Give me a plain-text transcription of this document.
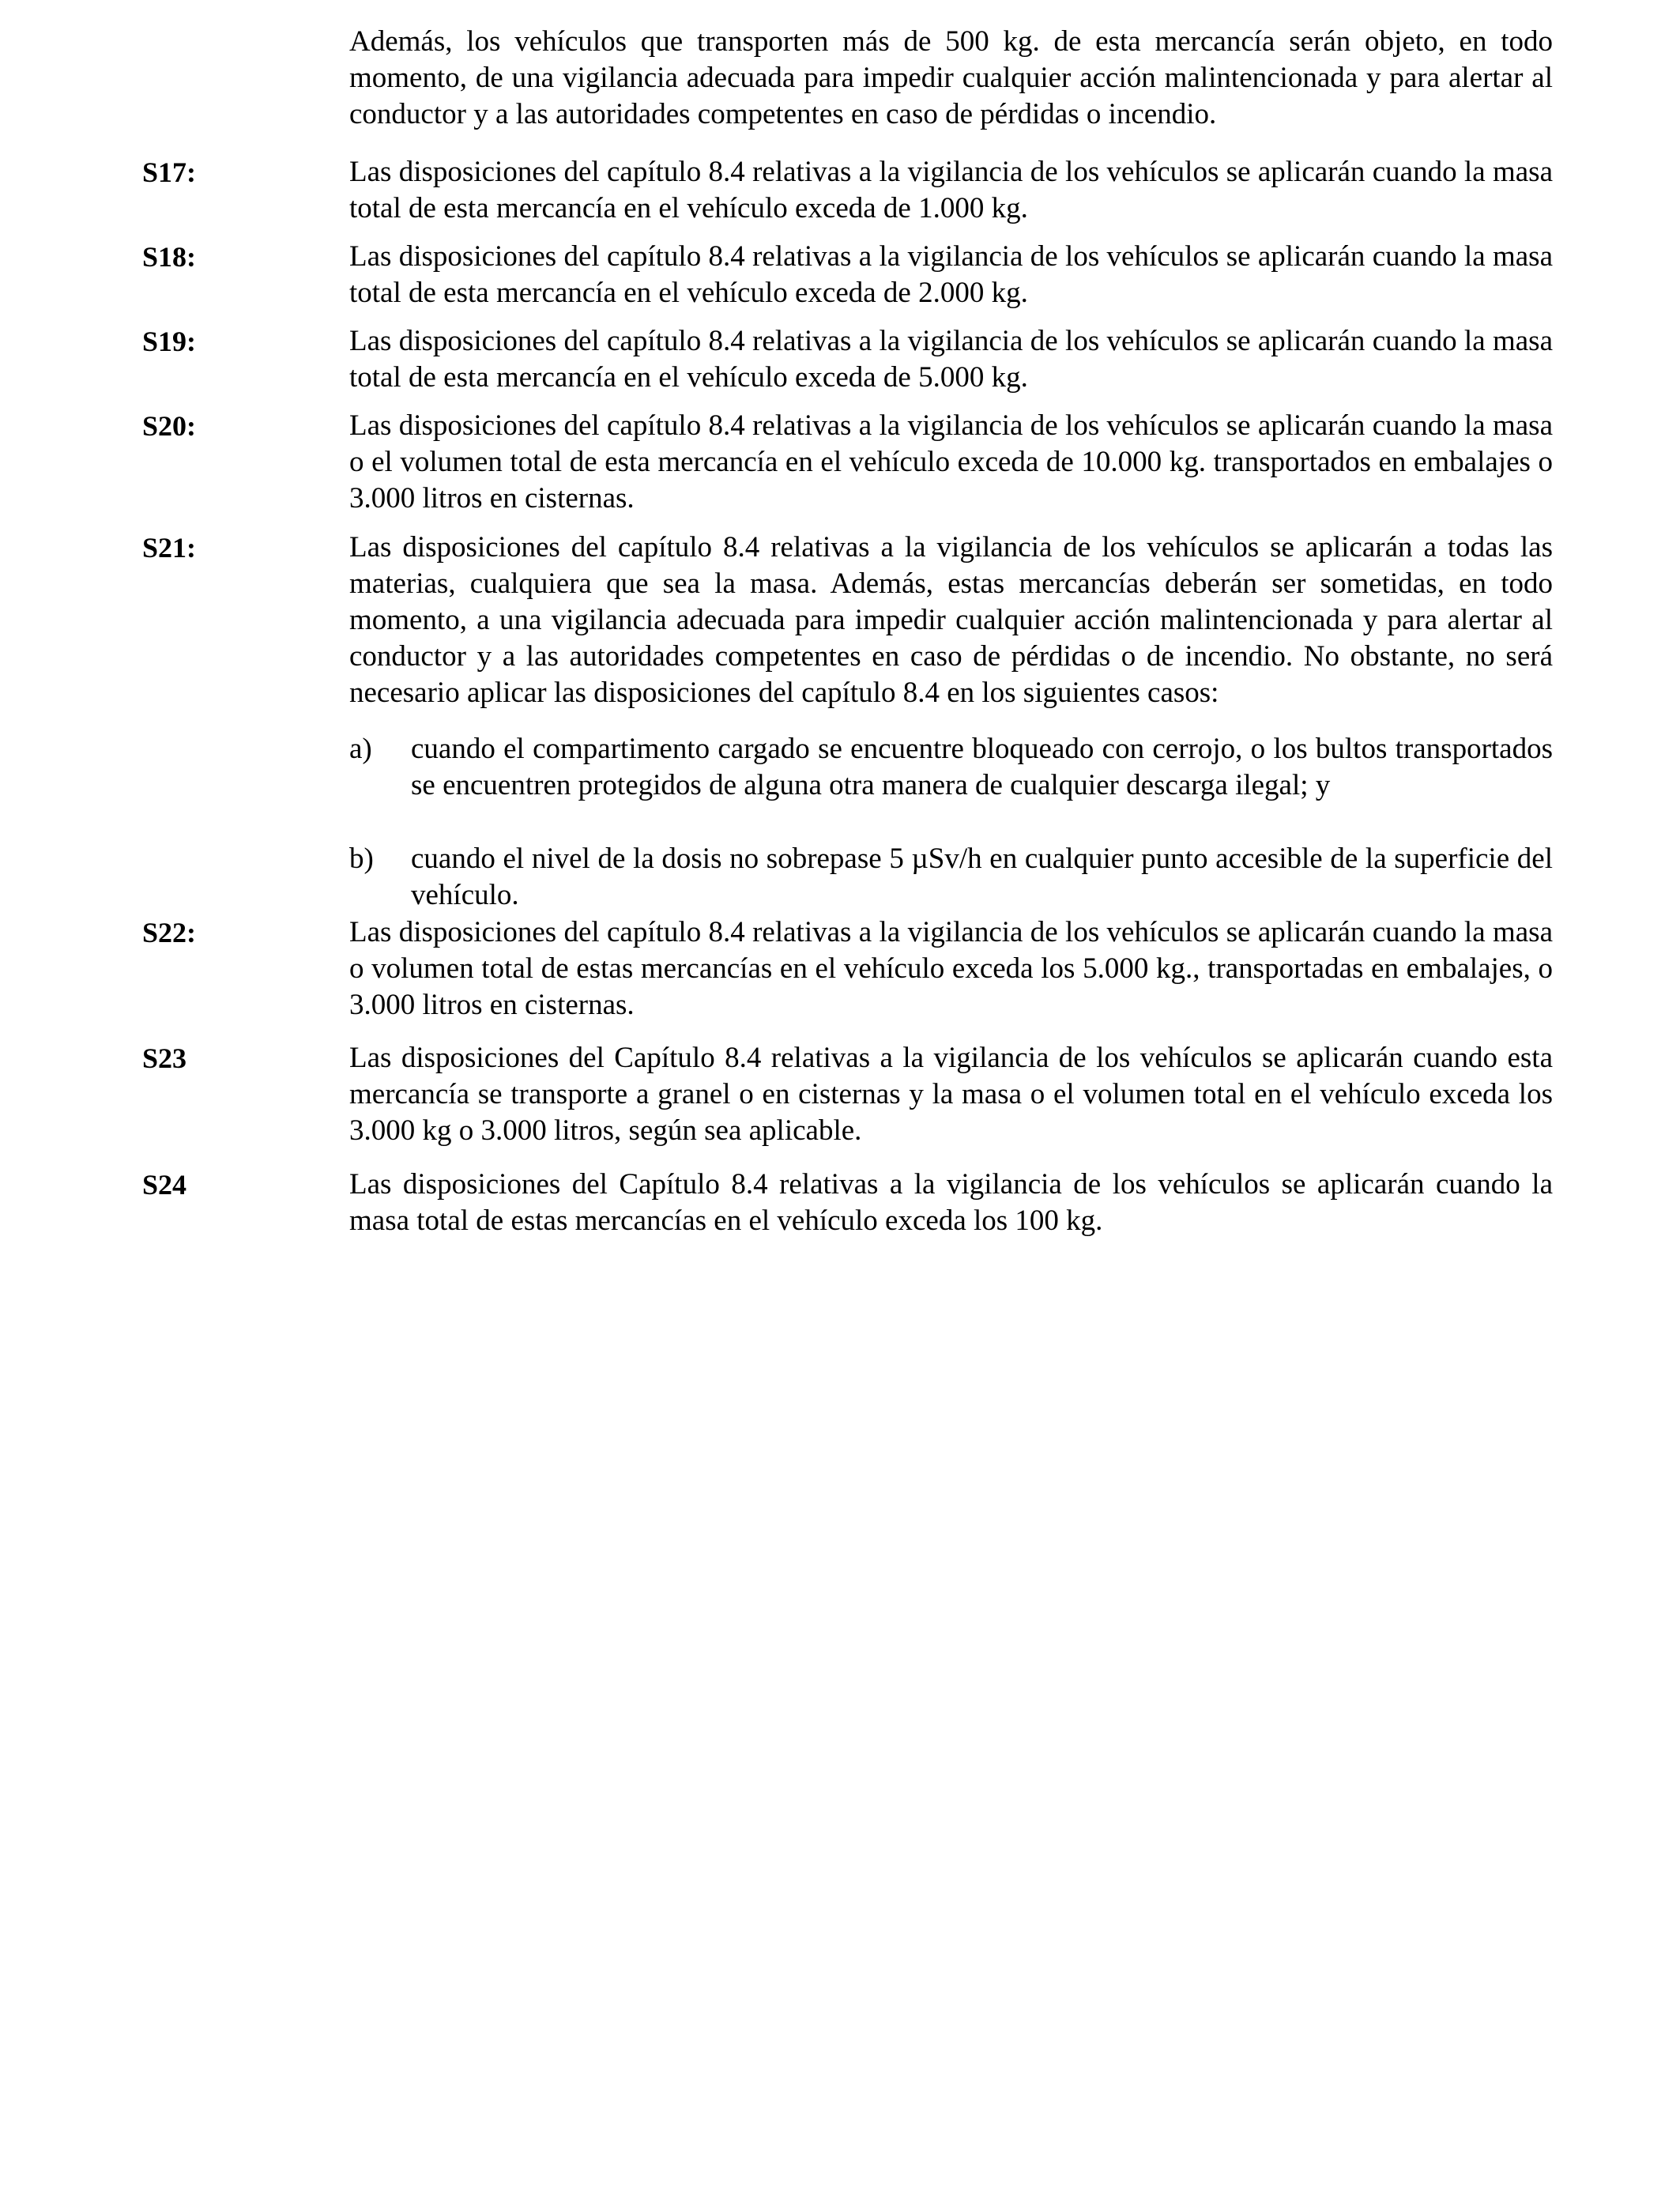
Además, los vehículos que transporten más de 500 kg. de esta mercancía serán objeto, en todo momento, de una vigilancia adecuada para impedir cualquier acción malintencionada y para alertar al conductor y a las autoridades competentes en caso de pérdidas o incendio.
S17:	Las disposiciones del capítulo 8.4 relativas a la vigilancia de los vehículos se aplicarán cuando la masa total de esta mercancía en el vehículo exceda de 1.000 kg.
S18:	Las disposiciones del capítulo 8.4 relativas a la vigilancia de los vehículos se aplicarán cuando la masa total de esta mercancía en el vehículo exceda de 2.000 kg.
S19:	Las disposiciones del capítulo 8.4 relativas a la vigilancia de los vehículos se aplicarán cuando la masa total de esta mercancía en el vehículo exceda de 5.000 kg.
S20:	Las disposiciones del capítulo 8.4 relativas a la vigilancia de los vehículos se aplicarán cuando la masa o el volumen total de esta mercancía en el vehículo exceda de 10.000 kg. transportados en embalajes o 3.000 litros en cisternas.
S21:	Las disposiciones del capítulo 8.4 relativas a la vigilancia de los vehículos se aplicarán a todas las materias, cualquiera que sea la masa. Además, estas mercancías deberán ser sometidas, en todo momento, a una vigilancia adecuada para impedir cualquier acción malintencionada y para alertar al conductor y a las autoridades competentes en caso de pérdidas o de incendio. No obstante, no será necesario aplicar las disposiciones del capítulo 8.4 en los siguientes casos:
a) cuando el compartimento cargado se encuentre bloqueado con cerrojo, o los bultos transportados se encuentren protegidos de alguna otra manera de cualquier descarga ilegal; y
b) cuando el nivel de la dosis no sobrepase 5 µSv/h en cualquier punto accesible de la superficie del vehículo.
S22:	Las disposiciones del capítulo 8.4 relativas a la vigilancia de los vehículos se aplicarán cuando la masa o volumen total de estas mercancías en el vehículo exceda los 5.000 kg., transportadas en embalajes, o 3.000 litros en cisternas.
S23	Las disposiciones del Capítulo 8.4 relativas a la vigilancia de los vehículos se aplicarán cuando esta mercancía se transporte a granel o en cisternas y la masa o el volumen total en el vehículo exceda los 3.000 kg o 3.000 litros, según sea aplicable.
S24	Las disposiciones del Capítulo 8.4 relativas a la vigilancia de los vehículos se aplicarán cuando la masa total de estas mercancías en el vehículo exceda los 100 kg.
